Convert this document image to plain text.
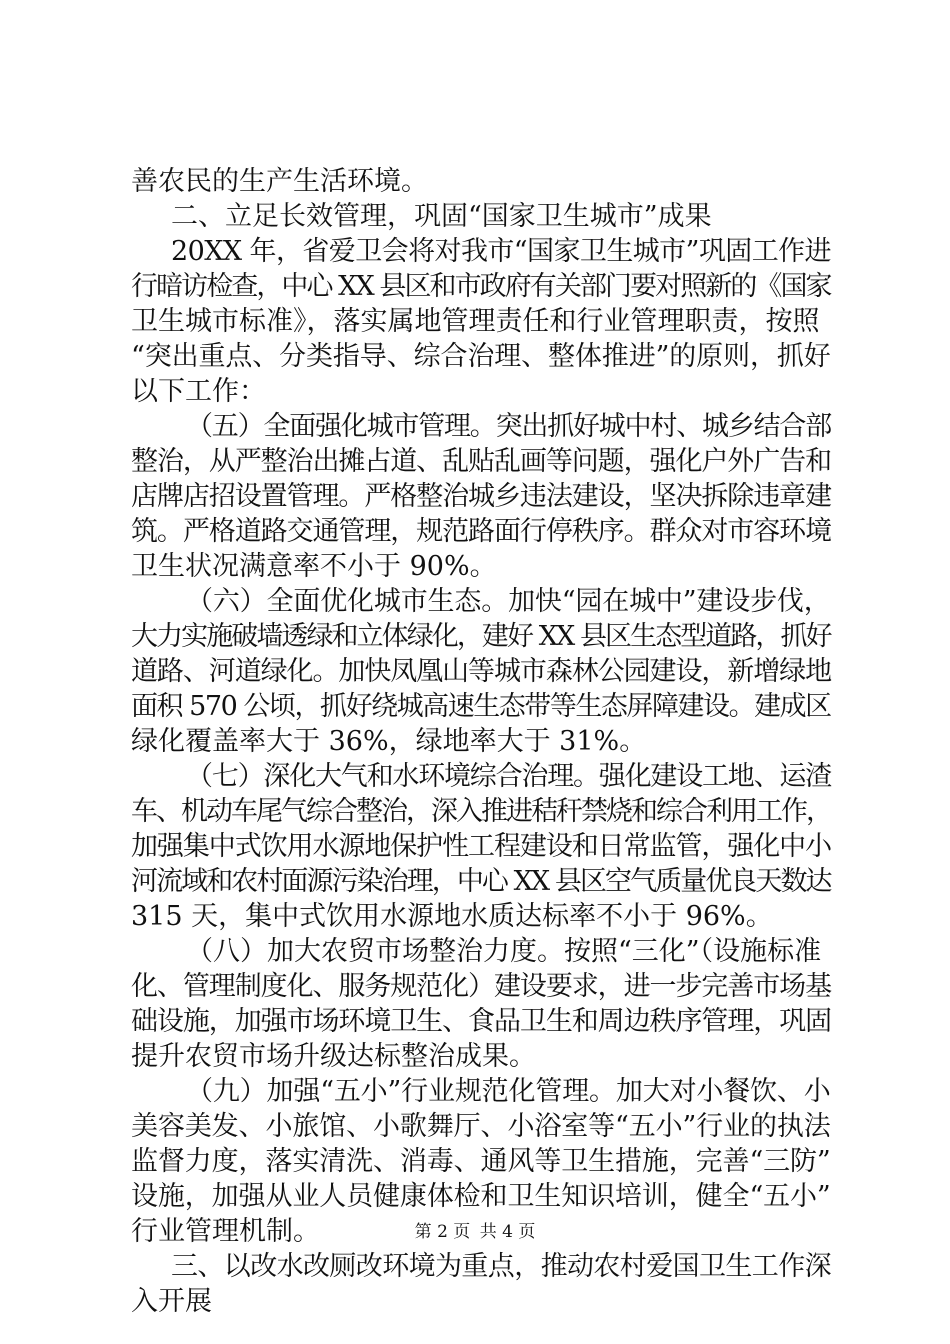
善农民的生产生活环境。
二、立足长效管理，巩固“国家卫生城市”成果
20XX 年，省爱卫会将对我市“国家卫生城市”巩固工作进
行暗访检查，中心 XX 县区和市政府有关部门要对照新的《国家
卫生城市标准》，落实属地管理责任和行业管理职责，按照
“突出重点、分类指导、综合治理、整体推进”的原则，抓好
以下工作：
（五）全面强化城市管理。突出抓好城中村、城乡结合部
整治，从严整治出摊占道、乱贴乱画等问题，强化户外广告和
店牌店招设置管理。严格整治城乡违法建设，坚决拆除违章建
筑。严格道路交通管理，规范路面行停秩序。群众对市容环境
卫生状况满意率不小于 90%。
（六）全面优化城市生态。加快“园在城中”建设步伐，
大力实施破墙透绿和立体绿化，建好 XX 县区生态型道路，抓好
道路、河道绿化。加快凤凰山等城市森林公园建设，新增绿地
面积 570 公顷，抓好绕城高速生态带等生态屏障建设。建成区
绿化覆盖率大于 36%，绿地率大于 31%。
（七）深化大气和水环境综合治理。强化建设工地、运渣
车、机动车尾气综合整治，深入推进秸秆禁烧和综合利用工作，
加强集中式饮用水源地保护性工程建设和日常监管，强化中小
河流域和农村面源污染治理，中心 XX 县区空气质量优良天数达
315 天，集中式饮用水源地水质达标率不小于 96%。
（八）加大农贸市场整治力度。按照“三化”（设施标准
化、管理制度化、服务规范化）建设要求，进一步完善市场基
础设施，加强市场环境卫生、食品卫生和周边秩序管理，巩固
提升农贸市场升级达标整治成果。
（九）加强“五小”行业规范化管理。加大对小餐饮、小
美容美发、小旅馆、小歌舞厅、小浴室等“五小”行业的执法
监督力度，落实清洗、消毒、通风等卫生措施，完善“三防”
设施，加强从业人员健康体检和卫生知识培训，健全“五小”
行业管理机制。
三、以改水改厕改环境为重点，推动农村爱国卫生工作深
入开展
第 2 页 共 4 页
